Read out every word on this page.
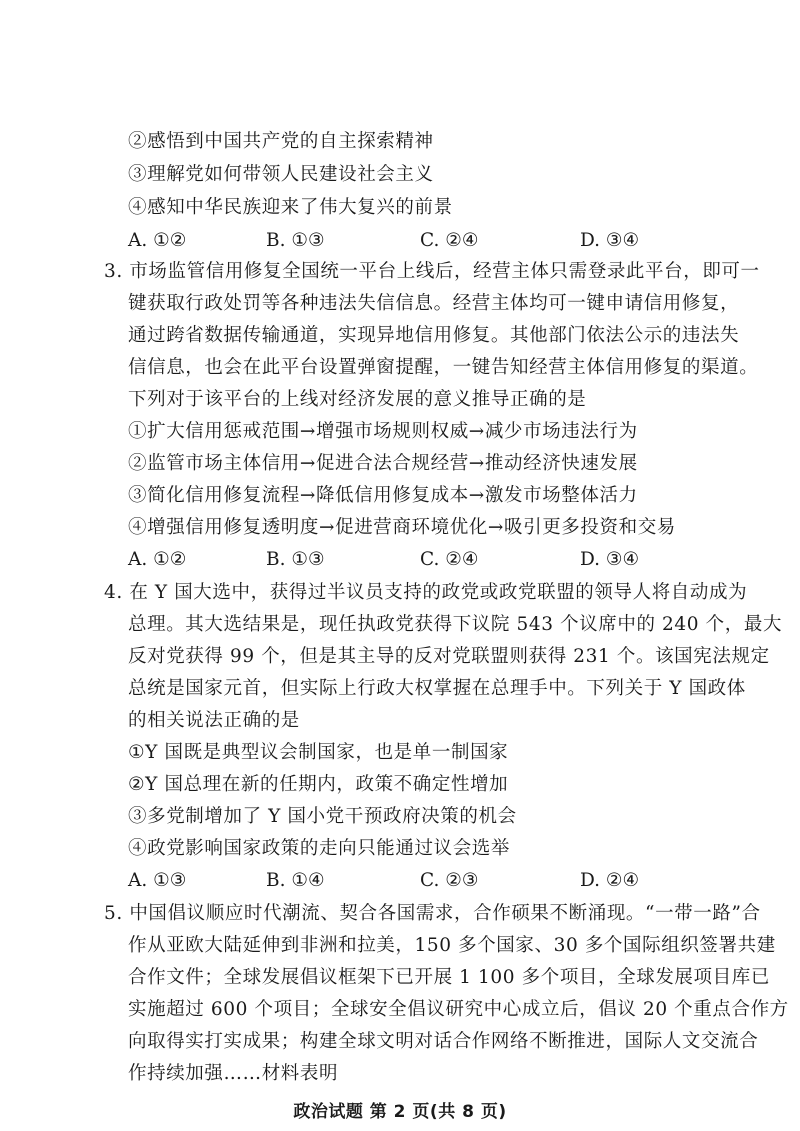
②感悟到中国共产党的自主探索精神
③理解党如何带领人民建设社会主义
④感知中华民族迎来了伟大复兴的前景
A. ①②	B. ①③	C. ②④	D. ③④
3. 市场监管信用修复全国统一平台上线后，经营主体只需登录此平台，即可一
键获取行政处罚等各种违法失信信息。经营主体均可一键申请信用修复，
通过跨省数据传输通道，实现异地信用修复。其他部门依法公示的违法失
信信息，也会在此平台设置弹窗提醒，一键告知经营主体信用修复的渠道。
下列对于该平台的上线对经济发展的意义推导正确的是
①扩大信用惩戒范围→增强市场规则权威→减少市场违法行为
②监管市场主体信用→促进合法合规经营→推动经济快速发展
③简化信用修复流程→降低信用修复成本→激发市场整体活力
④增强信用修复透明度→促进营商环境优化→吸引更多投资和交易
A. ①②	B. ①③	C. ②④	D. ③④
4. 在 Y 国大选中，获得过半议员支持的政党或政党联盟的领导人将自动成为
总理。其大选结果是，现任执政党获得下议院 543 个议席中的 240 个，最大
反对党获得 99 个，但是其主导的反对党联盟则获得 231 个。该国宪法规定
总统是国家元首，但实际上行政大权掌握在总理手中。下列关于 Y 国政体
的相关说法正确的是
①Y 国既是典型议会制国家，也是单一制国家
②Y 国总理在新的任期内，政策不确定性增加
③多党制增加了 Y 国小党干预政府决策的机会
④政党影响国家政策的走向只能通过议会选举
A. ①③	B. ①④	C. ②③	D. ②④
政治试题 第 2 页(共 8 页)
5. 中国倡议顺应时代潮流、契合各国需求，合作硕果不断涌现。“一带一路”合
作从亚欧大陆延伸到非洲和拉美，150 多个国家、30 多个国际组织签署共建
合作文件；全球发展倡议框架下已开展 1 100 多个项目，全球发展项目库已
实施超过 600 个项目；全球安全倡议研究中心成立后，倡议 20 个重点合作方
向取得实打实成果；构建全球文明对话合作网络不断推进，国际人文交流合
作持续加强……材料表明
